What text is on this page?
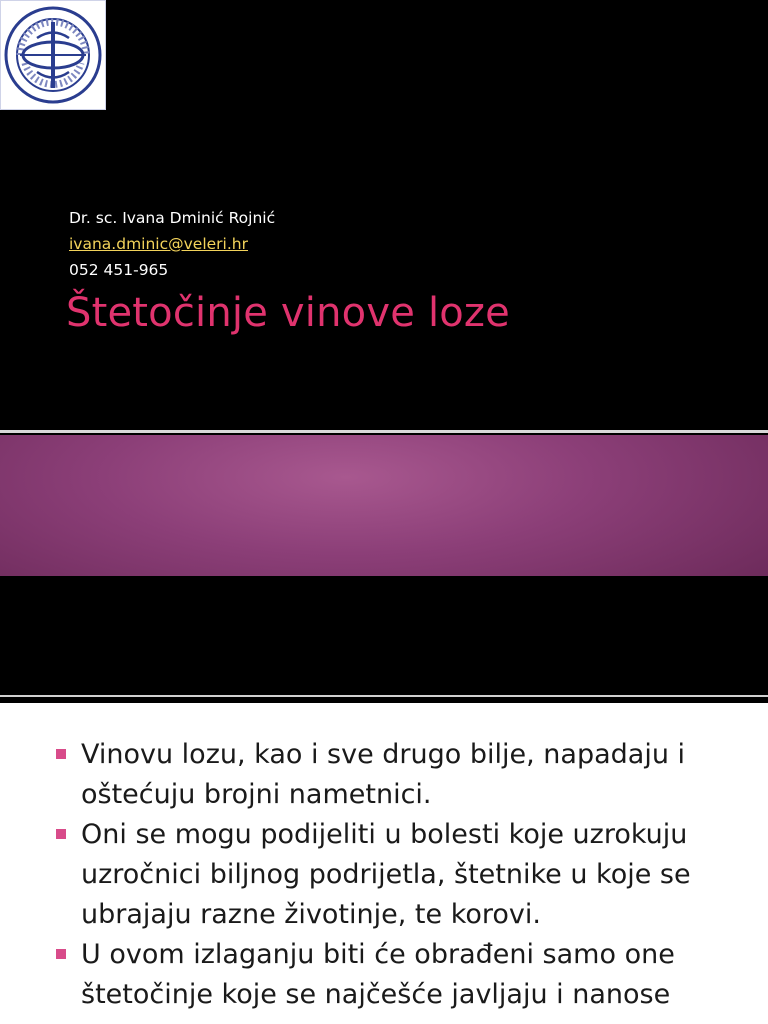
Dr. sc. Ivana Dminić Rojnić
ivana.dminic@veleri.hr
052 451-965
Štetočinje vinove loze
Vinovu lozu, kao i sve drugo bilje, napadaju i oštećuju brojni nametnici.
Oni se mogu podijeliti u bolesti koje uzrokuju uzročnici biljnog podrijetla, štetnike u koje se ubrajaju razne životinje, te korovi.
U ovom izlaganju biti će obrađeni samo one štetočinje koje se najčešće javljaju i nanose
